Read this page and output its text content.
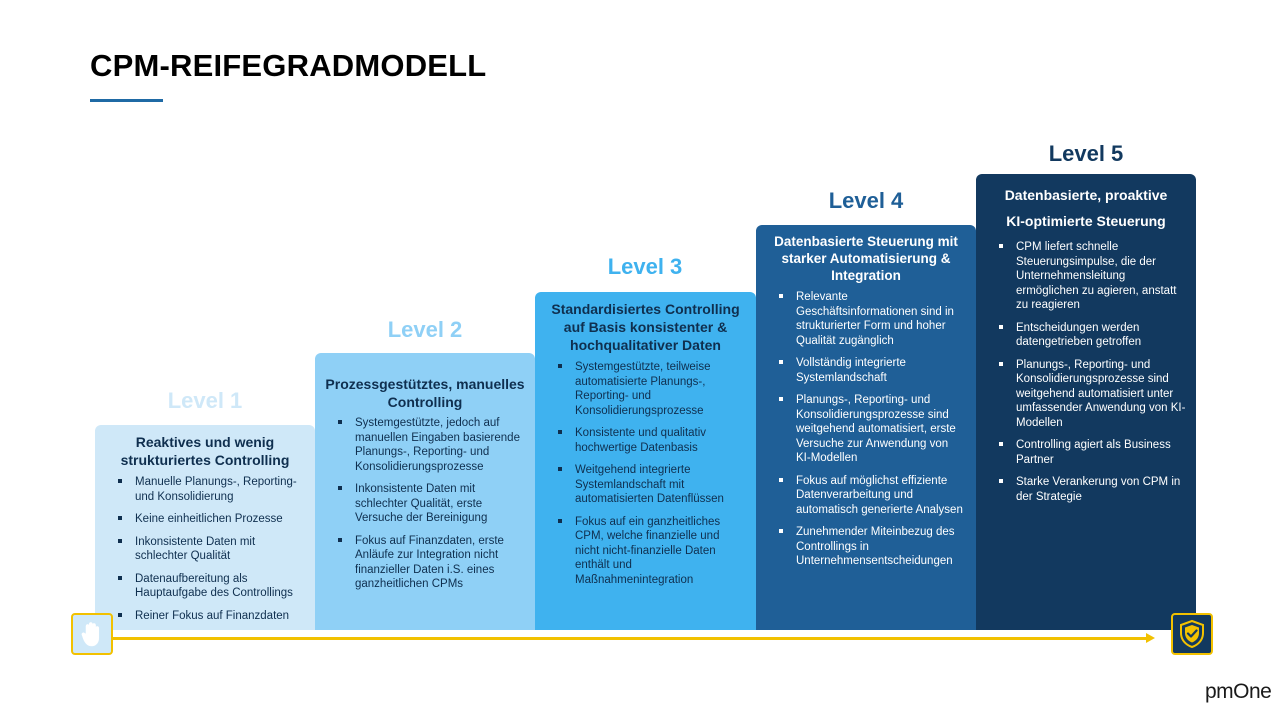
CPM-REIFEGRADMODELL
Level 1
Reaktives und wenig strukturiertes Controlling
Manuelle Planungs-, Reporting- und Konsolidierung
Keine einheitlichen Prozesse
Inkonsistente Daten mit schlechter Qualität
Datenaufbereitung als Hauptaufgabe des Controllings
Reiner Fokus auf Finanzdaten
Level 2
Prozessgestütztes, manuelles Controlling
Systemgestützte, jedoch auf manuellen Eingaben basierende Planungs-, Reporting- und Konsolidierungsprozesse
Inkonsistente Daten mit schlechter Qualität, erste Versuche der Bereinigung
Fokus auf Finanzdaten, erste Anläufe zur Integration nicht finanzieller Daten i.S. eines ganzheitlichen CPMs
Level 3
Standardisiertes Controlling auf Basis konsistenter & hochqualitativer Daten
Systemgestützte, teilweise automatisierte Planungs-, Reporting- und Konsolidierungsprozesse
Konsistente und qualitativ hochwertige Datenbasis
Weitgehend integrierte Systemlandschaft mit automatisierten Datenflüssen
Fokus auf ein ganzheitliches CPM, welche finanzielle und nicht nicht-finanzielle Daten enthält und Maßnahmenintegration
Level 4
Datenbasierte Steuerung mit starker Automatisierung & Integration
Relevante Geschäftsinformationen sind in strukturierter Form und hoher Qualität zugänglich
Vollständig integrierte Systemlandschaft
Planungs-, Reporting- und Konsolidierungsprozesse sind weitgehend automatisiert, erste Versuche zur Anwendung von KI-Modellen
Fokus auf möglichst effiziente Datenverarbeitung und automatisch generierte Analysen
Zunehmender Miteinbezug des Controllings in Unternehmensentscheidungen
Level 5
Datenbasierte, proaktive KI-optimierte Steuerung
CPM liefert schnelle Steuerungsimpulse, die der Unternehmensleitung ermöglichen zu agieren, anstatt zu reagieren
Entscheidungen werden datengetrieben getroffen
Planungs-, Reporting- und Konsolidierungsprozesse sind weitgehend automatisiert unter umfassender Anwendung von KI-Modellen
Controlling agiert als Business Partner
Starke Verankerung von CPM in der Strategie
pmOne
